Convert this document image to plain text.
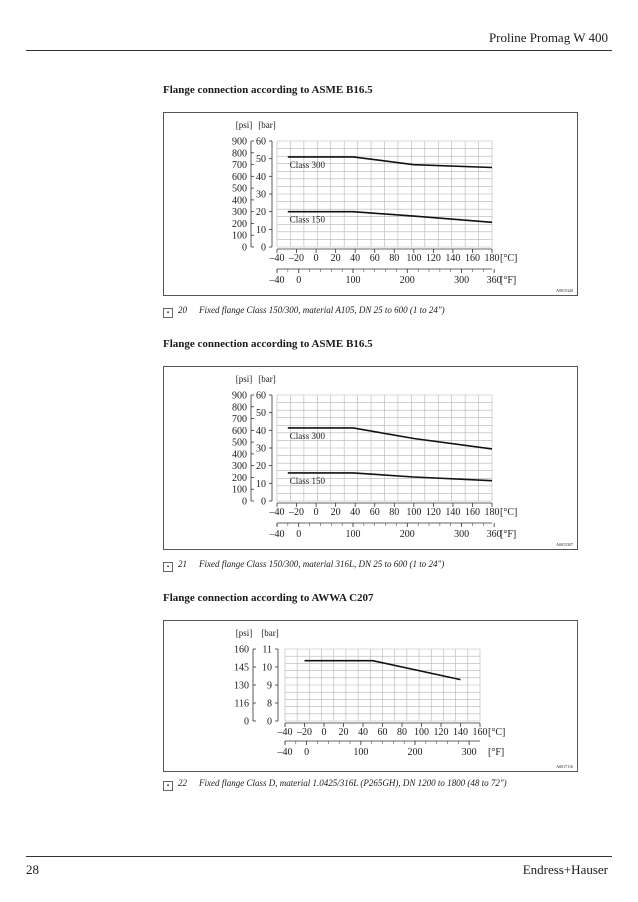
Proline Promag W 400
Flange connection according to ASME B16.5
[psi] [bar]
0
10
20
30
40
50
60
0
100
200
300
400
500
600
700
800
900
–40 –20 0 20 40 60 80 100 120 140 160 180 [°C]
–40 0	100	200	300 360
[°F]
Class 300
Class 150
A0015320
▪ 20 Fixed flange Class 150/300, material A105, DN 25 to 600 (1 to 24")
Flange connection according to ASME B16.5
[psi] [bar]
0
10
20
30
40
50
60
0
100
200
300
400
500
600
700
800
900
–40 –20 0 20 40 60 80 100 120 140 160 180 [°C]
–40 0	100	200	300 360
[°F]
Class 300
Class 150
A0015307
▪ 21 Fixed flange Class 150/300, material 316L, DN 25 to 600 (1 to 24")
Flange connection according to AWWA C207
[psi] [bar]
0
8
9
10
11
0
116
130
145
160
–40 –20 0 20 40 60 80 100 120 140 160 [°C]
–40 0	100	200	300 [°F]
A0017116
▪ 22 Fixed flange Class D, material 1.0425/316L (P265GH), DN 1200 to 1800 (48 to 72")
28	Endress+Hauser
